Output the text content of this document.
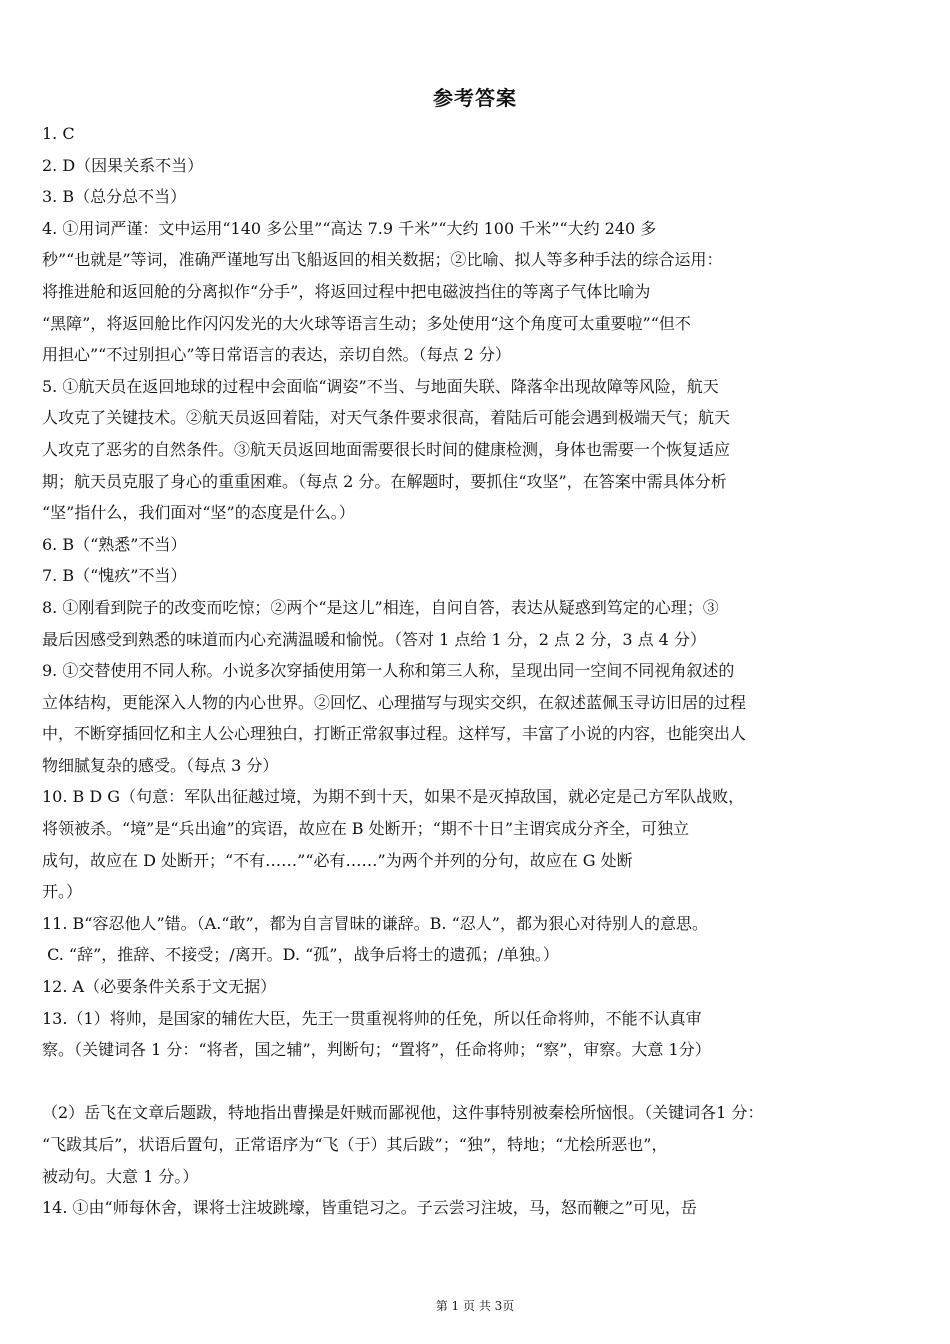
参考答案
1. C
2. D（因果关系不当）
3. B（总分总不当）
4. ①用词严谨：文中运用“140 多公里”“高达 7.9 千米”“大约 100 千米”“大约 240 多
秒”“也就是”等词，准确严谨地写出飞船返回的相关数据；②比喻、拟人等多种手法的综合运用：
将推进舱和返回舱的分离拟作“分手”，将返回过程中把电磁波挡住的等离子气体比喻为
“黑障”，将返回舱比作闪闪发光的大火球等语言生动；多处使用“这个角度可太重要啦”“但不
用担心”“不过别担心”等日常语言的表达，亲切自然。（每点 2 分）
5. ①航天员在返回地球的过程中会面临“调姿”不当、与地面失联、降落伞出现故障等风险，航天
人攻克了关键技术。②航天员返回着陆，对天气条件要求很高，着陆后可能会遇到极端天气；航天
人攻克了恶劣的自然条件。③航天员返回地面需要很长时间的健康检测，身体也需要一个恢复适应
期；航天员克服了身心的重重困难。（每点 2 分。在解题时，要抓住“攻坚”，在答案中需具体分析
“坚”指什么，我们面对“坚”的态度是什么。）
6. B（“熟悉”不当）
7. B（“愧疚”不当）
8. ①刚看到院子的改变而吃惊；②两个“是这儿”相连，自问自答，表达从疑惑到笃定的心理；③
最后因感受到熟悉的味道而内心充满温暖和愉悦。（答对 1 点给 1 分，2 点 2 分，3 点 4 分）
9. ①交替使用不同人称。小说多次穿插使用第一人称和第三人称，呈现出同一空间不同视角叙述的
立体结构，更能深入人物的内心世界。②回忆、心理描写与现实交织，在叙述蓝佩玉寻访旧居的过程
中，不断穿插回忆和主人公心理独白，打断正常叙事过程。这样写，丰富了小说的内容，也能突出人
物细腻复杂的感受。（每点 3 分）
10. B D G（句意：军队出征越过境，为期不到十天，如果不是灭掉敌国，就必定是己方军队战败，
将领被杀。“境”是“兵出逾”的宾语，故应在 B 处断开；“期不十日”主谓宾成分齐全，可独立
成句，故应在 D 处断开；“不有……”“必有……”为两个并列的分句，故应在 G 处断
开。）
11. B“容忍他人”错。（A.“敢”，都为自言冒昧的谦辞。B. “忍人”，都为狠心对待别人的意思。
C. “辞”，推辞、不接受；/离开。D. “孤”，战争后将士的遗孤；/单独。）
12. A（必要条件关系于文无据）
13.（1）将帅，是国家的辅佐大臣，先王一贯重视将帅的任免，所以任命将帅，不能不认真审
察。（关键词各 1 分：“将者，国之辅”，判断句；“置将”，任命将帅；“察”，审察。大意 1分）
（2）岳飞在文章后题跋，特地指出曹操是奸贼而鄙视他，这件事特别被秦桧所恼恨。（关键词各1 分：
“飞跋其后”，状语后置句，正常语序为“飞（于）其后跋”；“独”，特地；“尤桧所恶也”，
被动句。大意 1 分。）
14. ①由“师每休舍，课将士注坡跳壕，皆重铠习之。子云尝习注坡，马，怒而鞭之”可见，岳
第 1 页 共 3页
